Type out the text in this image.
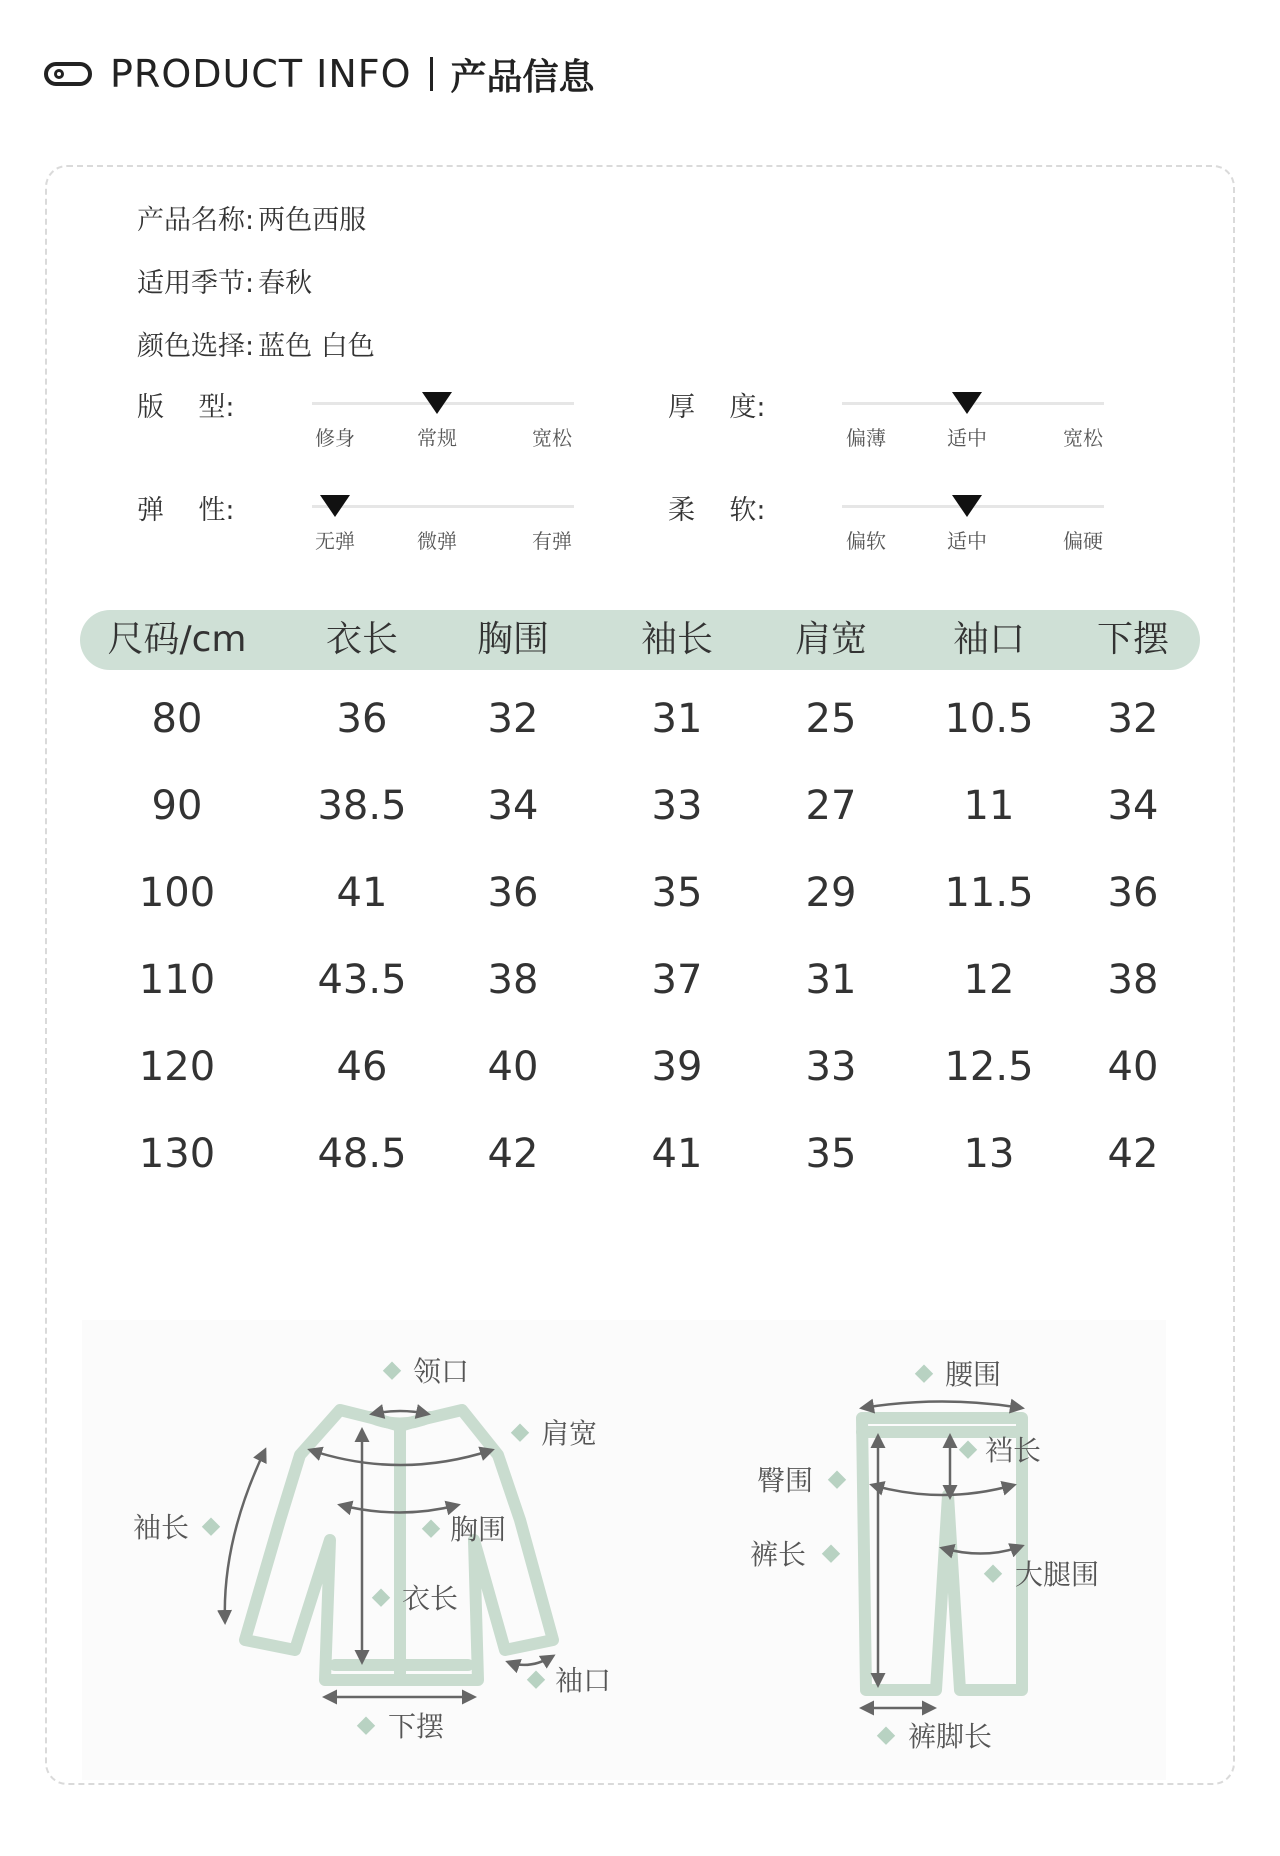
PRODUCT INFO 产品信息
产品名称: 两色西服
适用季节: 春秋
颜色选择: 蓝色 白色
版    型:
修身	常规	宽松
厚    度:
偏薄	适中	宽松
弹    性:
无弹	微弹	有弹
柔    软:
偏软	适中	偏硬
尺码/cm 衣长 胸围	袖长 肩宽 袖口 下摆
80	36	32	31	25 10.5 32
90	38.5 34	33	27	11 34
100	41	36	35	29 11.5 36
110	43.5 38	37	31	12 38
120	46	40	39	33 12.5 40
130	48.5 42	41	35	13 42
领口
肩宽
袖长	胸围
衣长
袖口
下摆
腰围
裆长
臀围
裤长
大腿围
裤脚长
